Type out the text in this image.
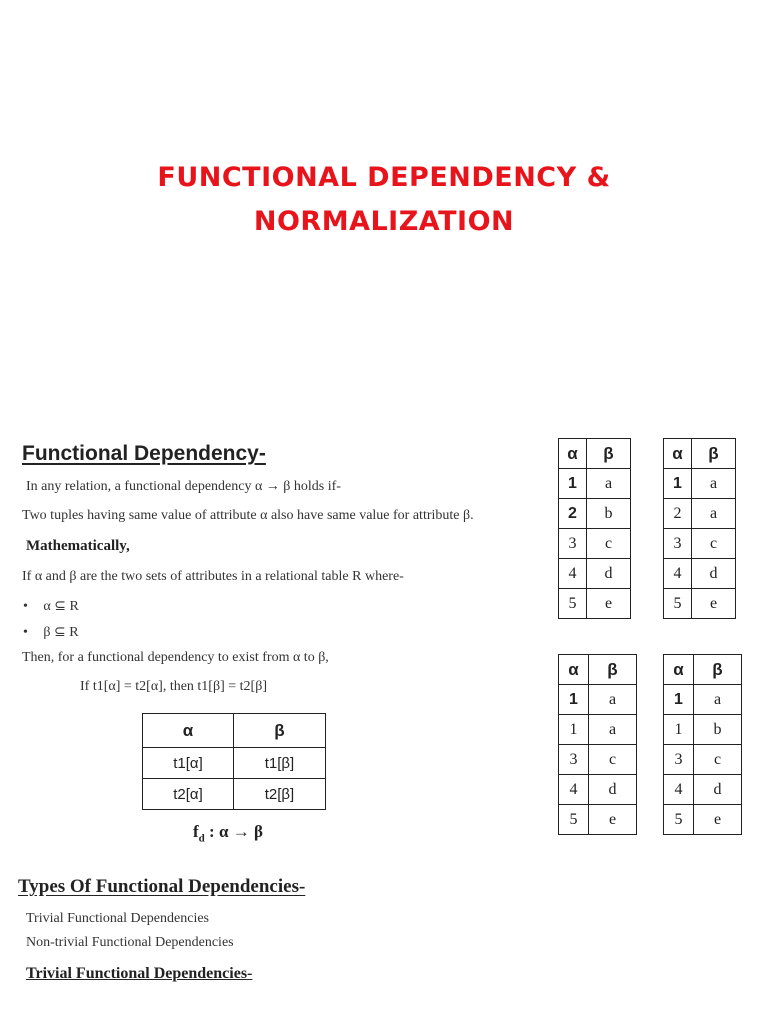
FUNCTIONAL DEPENDENCY &
NORMALIZATION
Functional Dependency-
In any relation, a functional dependency α → β holds if-
Two tuples having same value of attribute α also have same value for attribute β.
Mathematically,
If α and β are the two sets of attributes in a relational table R where-
• α ⊆ R
• β ⊆ R
Then, for a functional dependency to exist from α to β,
If t1[α] = t2[α], then t1[β] = t2[β]
α	β
t1[α]	t1[β]
t2[α]	t2[β]
$f_d$ : α → β
α	β
1	a
2	b
3	c
4	d
5	e
α	β
1	a
2	a
3	c
4	d
5	e
α	β
1	a
1	a
3	c
4	d
5	e
α	β
1	a
1	b
3	c
4	d
5	e
Types Of Functional Dependencies-
Trivial Functional Dependencies
Non-trivial Functional Dependencies
Trivial Functional Dependencies-
